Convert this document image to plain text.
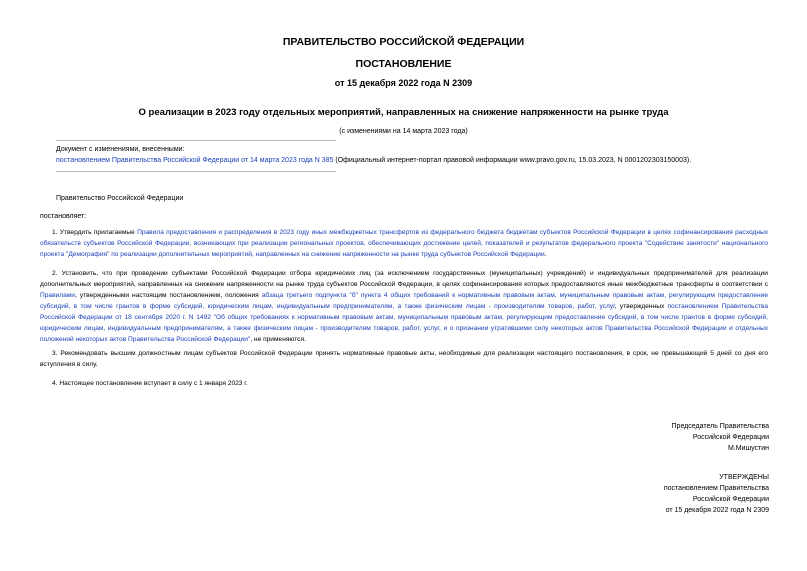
ПРАВИТЕЛЬСТВО РОССИЙСКОЙ ФЕДЕРАЦИИ
ПОСТАНОВЛЕНИЕ
от 15 декабря 2022 года N 2309
О реализации в 2023 году отдельных мероприятий, направленных на снижение напряженности на рынке труда
(с изменениями на 14 марта 2023 года)
Документ с изменениями, внесенными:
постановлением Правительства Российской Федерации от 14 марта 2023 года N 385 (Официальный интернет-портал правовой информации www.pravo.gov.ru, 15.03.2023, N 0001202303150003).
Правительство Российской Федерации
постановляет:
1. Утвердить прилагаемые Правила предоставления и распределения в 2023 году иных межбюджетных трансфертов из федерального бюджета бюджетам субъектов Российской Федерации в целях софинансирования расходных обязательств субъектов Российской Федерации, возникающих при реализации региональных проектов, обеспечивающих достижение целей, показателей и результатов федерального проекта "Содействие занятости" национального проекта "Демография" по реализации дополнительных мероприятий, направленных на снижение напряженности на рынке труда субъектов Российской Федерации.
2. Установить, что при проведении субъектами Российской Федерации отбора юридических лиц (за исключением государственных (муниципальных) учреждений) и индивидуальных предпринимателей для реализации дополнительных мероприятий, направленных на снижение напряженности на рынке труда субъектов Российской Федерации, в целях софинансирования которых предоставляются иные межбюджетные трансферты в соответствии с Правилами, утвержденными настоящим постановлением, положения абзаца третьего подпункта "б" пункта 4 общих требований к нормативным правовым актам, муниципальным правовым актам, регулирующим предоставление субсидий, в том числе грантов в форме субсидий, юридическим лицам, индивидуальным предпринимателям, а также физическим лицам - производителям товаров, работ, услуг, утвержденных постановлением Правительства Российской Федерации от 18 сентября 2020 г. N 1492 "Об общих требованиях к нормативным правовым актам, муниципальным правовым актам, регулирующим предоставление субсидий, в том числе грантов в форме субсидий, юридическим лицам, индивидуальным предпринимателям, а также физическим лицам - производителям товаров, работ, услуг, и о признании утратившими силу некоторых актов Правительства Российской Федерации и отдельных положений некоторых актов Правительства Российской Федерации", не применяются.
3. Рекомендовать высшим должностным лицам субъектов Российской Федерации принять нормативные правовые акты, необходимые для реализации настоящего постановления, в срок, не превышающий 5 дней со дня его вступления в силу.
4. Настоящее постановление вступает в силу с 1 января 2023 г.
Председатель Правительства
Российской Федерации
М.Мишустин
УТВЕРЖДЕНЫ
постановлением Правительства
Российской Федерации
от 15 декабря 2022 года N 2309
